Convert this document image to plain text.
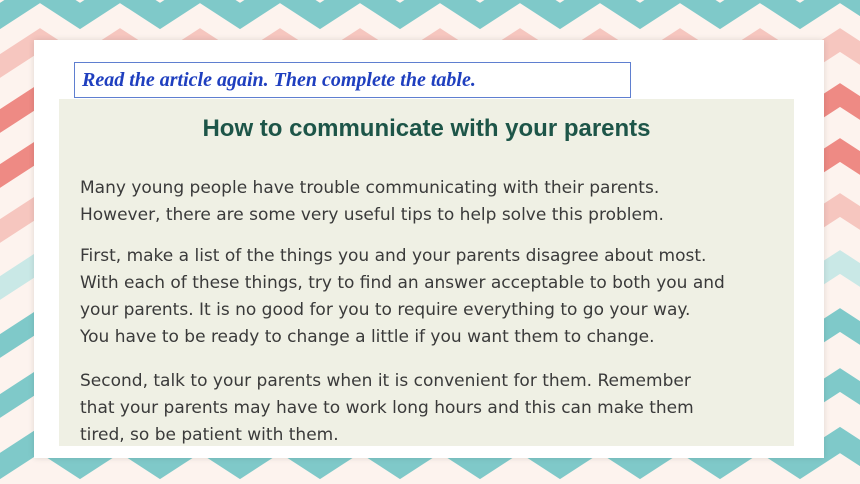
Read the article again. Then complete the table.
How to communicate with your parents
Many young people have trouble communicating with their parents.
However, there are some very useful tips to help solve this problem.
First, make a list of the things you and your parents disagree about most.
With each of these things, try to find an answer acceptable to both you and
your parents. It is no good for you to require everything to go your way.
You have to be ready to change a little if you want them to change.
Second, talk to your parents when it is convenient for them. Remember
that your parents may have to work long hours and this can make them
tired, so be patient with them.
